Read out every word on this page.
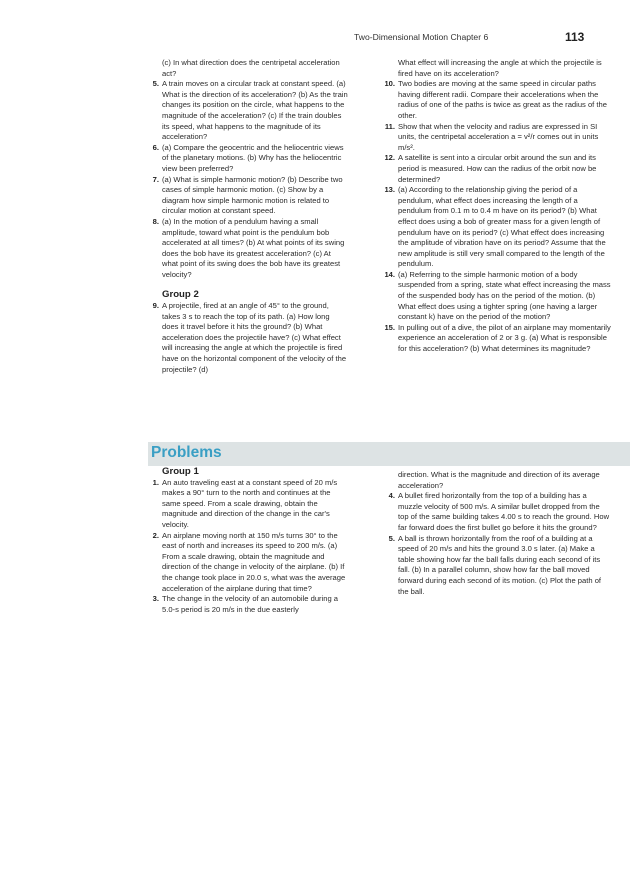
Two-Dimensional Motion Chapter 6	113

(c) In what direction does the centripetal acceleration act?

5. A train moves on a circular track at constant speed. (a) What is the direction of its acceleration? (b) As the train changes its position on the circle, what happens to the magnitude of the acceleration? (c) If the train doubles its speed, what happens to the magnitude of its acceleration?
6. (a) Compare the geocentric and the heliocentric views of the planetary motions. (b) Why has the heliocentric view been preferred?
7. (a) What is simple harmonic motion? (b) Describe two cases of simple harmonic motion. (c) Show by a diagram how simple harmonic motion is related to circular motion at constant speed.
8. (a) In the motion of a pendulum having a small amplitude, toward what point is the pendulum bob accelerated at all times? (b) At what points of its swing does the bob have its greatest acceleration? (c) At what point of its swing does the bob have its greatest velocity?

Group 2

9. A projectile, fired at an angle of 45° to the ground, takes 3 s to reach the top of its path. (a) How long does it travel before it hits the ground? (b) What acceleration does the projectile have? (c) What effect will increasing the angle at which the projectile is fired have on the horizontal component of the velocity of the projectile? (d)

What effect will increasing the angle at which the projectile is fired have on its acceleration?

10. Two bodies are moving at the same speed in circular paths having different radii. Compare their accelerations when the radius of one of the paths is twice as great as the radius of the other.
11. Show that when the velocity and radius are expressed in SI units, the centripetal acceleration a = v²/r comes out in units m/s².
12. A satellite is sent into a circular orbit around the sun and its period is measured. How can the radius of the orbit now be determined?
13. (a) According to the relationship giving the period of a pendulum, what effect does increasing the length of a pendulum from 0.1 m to 0.4 m have on its period? (b) What effect does using a bob of greater mass for a given length of pendulum have on its period? (c) What effect does increasing the amplitude of vibration have on its period? Assume that the new amplitude is still very small compared to the length of the pendulum.
14. (a) Referring to the simple harmonic motion of a body suspended from a spring, state what effect increasing the mass of the suspended body has on the period of the motion. (b) What effect does using a tighter spring (one having a larger constant k) have on the period of the motion?
15. In pulling out of a dive, the pilot of an airplane may momentarily experience an acceleration of 2 or 3 g. (a) What is responsible for this acceleration? (b) What determines its magnitude?
Problems

Group 1

1. An auto traveling east at a constant speed of 20 m/s makes a 90° turn to the north and continues at the same speed. From a scale drawing, obtain the magnitude and direction of the change in the car's velocity.
2. An airplane moving north at 150 m/s turns 30° to the east of north and increases its speed to 200 m/s. (a) From a scale drawing, obtain the magnitude and direction of the change in velocity of the airplane. (b) If the change took place in 20.0 s, what was the average acceleration of the airplane during that time?
3. The change in the velocity of an automobile during a 5.0-s period is 20 m/s in the due easterly

direction. What is the magnitude and direction of its average acceleration?

4. A bullet fired horizontally from the top of a building has a muzzle velocity of 500 m/s. A similar bullet dropped from the top of the same building takes 4.00 s to reach the ground. How far forward does the first bullet go before it hits the ground?
5. A ball is thrown horizontally from the roof of a building at a speed of 20 m/s and hits the ground 3.0 s later. (a) Make a table showing how far the ball falls during each second of its fall. (b) In a parallel column, show how far the ball moved forward during each second of its motion. (c) Plot the path of the ball.
